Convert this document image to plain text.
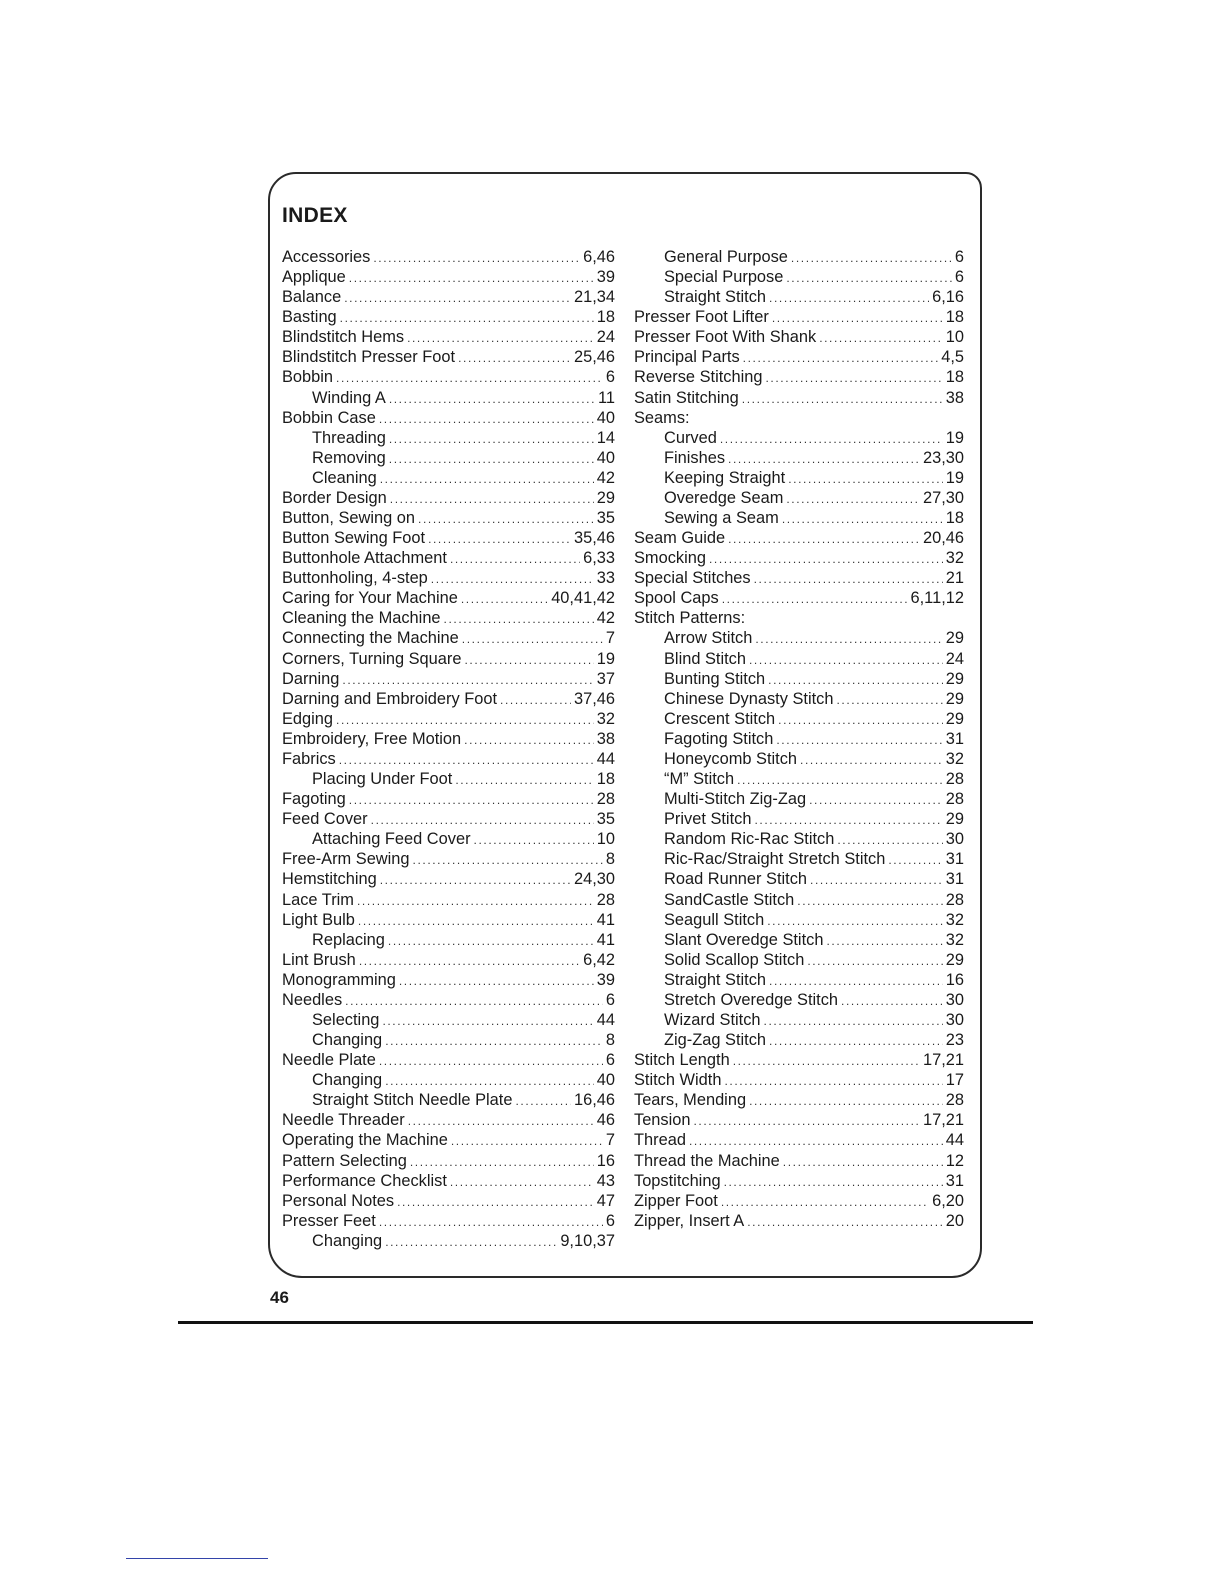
INDEX
Accessories .....	6,46
Applique .....	39
Balance .....	21,34
Basting .....	18
Blindstitch Hems .....	24
Blindstitch Presser Foot .....	25,46
Bobbin .....	6
Winding A .....	11
Bobbin Case .....	40
Threading .....	14
Removing .....	40
Cleaning .....	42
Border Design .....	29
Button, Sewing on .....	35
Button Sewing Foot .....	35,46
Buttonhole Attachment .....	6,33
Buttonholing, 4-step .....	33
Caring for Your Machine .....	40,41,42
Cleaning the Machine .....	42
Connecting the Machine .....	7
Corners, Turning Square .....	19
Darning .....	37
Darning and Embroidery Foot .....	37,46
Edging .....	32
Embroidery, Free Motion .....	38
Fabrics .....	44
Placing Under Foot .....	18
Fagoting .....	28
Feed Cover .....	35
Attaching Feed Cover .....	10
Free-Arm Sewing .....	8
Hemstitching .....	24,30
Lace Trim .....	28
Light Bulb .....	41
Replacing .....	41
Lint Brush .....	6,42
Monogramming .....	39
Needles .....	6
Selecting .....	44
Changing .....	8
Needle Plate .....	6
Changing .....	40
Straight Stitch Needle Plate .....	16,46
Needle Threader .....	46
Operating the Machine .....	7
Pattern Selecting .....	16
Performance Checklist .....	43
Personal Notes .....	47
Presser Feet .....	6
Changing .....	9,10,37
General Purpose .....	6
Special Purpose .....	6
Straight Stitch .....	6,16
Presser Foot Lifter .....	18
Presser Foot With Shank .....	10
Principal Parts .....	4,5
Reverse Stitching .....	18
Satin Stitching .....	38
Seams:
Curved .....	19
Finishes .....	23,30
Keeping Straight .....	19
Overedge Seam .....	27,30
Sewing a Seam .....	18
Seam Guide .....	20,46
Smocking .....	32
Special Stitches .....	21
Spool Caps .....	6,11,12
Stitch Patterns:
Arrow Stitch .....	29
Blind Stitch .....	24
Bunting Stitch .....	29
Chinese Dynasty Stitch .....	29
Crescent Stitch .....	29
Fagoting Stitch .....	31
Honeycomb Stitch .....	32
“M” Stitch .....	28
Multi-Stitch Zig-Zag .....	28
Privet Stitch .....	29
Random Ric-Rac Stitch .....	30
Ric-Rac/Straight Stretch Stitch .....	31
Road Runner Stitch .....	31
SandCastle Stitch .....	28
Seagull Stitch .....	32
Slant Overedge Stitch .....	32
Solid Scallop Stitch .....	29
Straight Stitch .....	16
Stretch Overedge Stitch .....	30
Wizard Stitch .....	30
Zig-Zag Stitch .....	23
Stitch Length .....	17,21
Stitch Width .....	17
Tears, Mending .....	28
Tension .....	17,21
Thread .....	44
Thread the Machine .....	12
Topstitching .....	31
Zipper Foot .....	6,20
Zipper, Insert A .....	20
46
